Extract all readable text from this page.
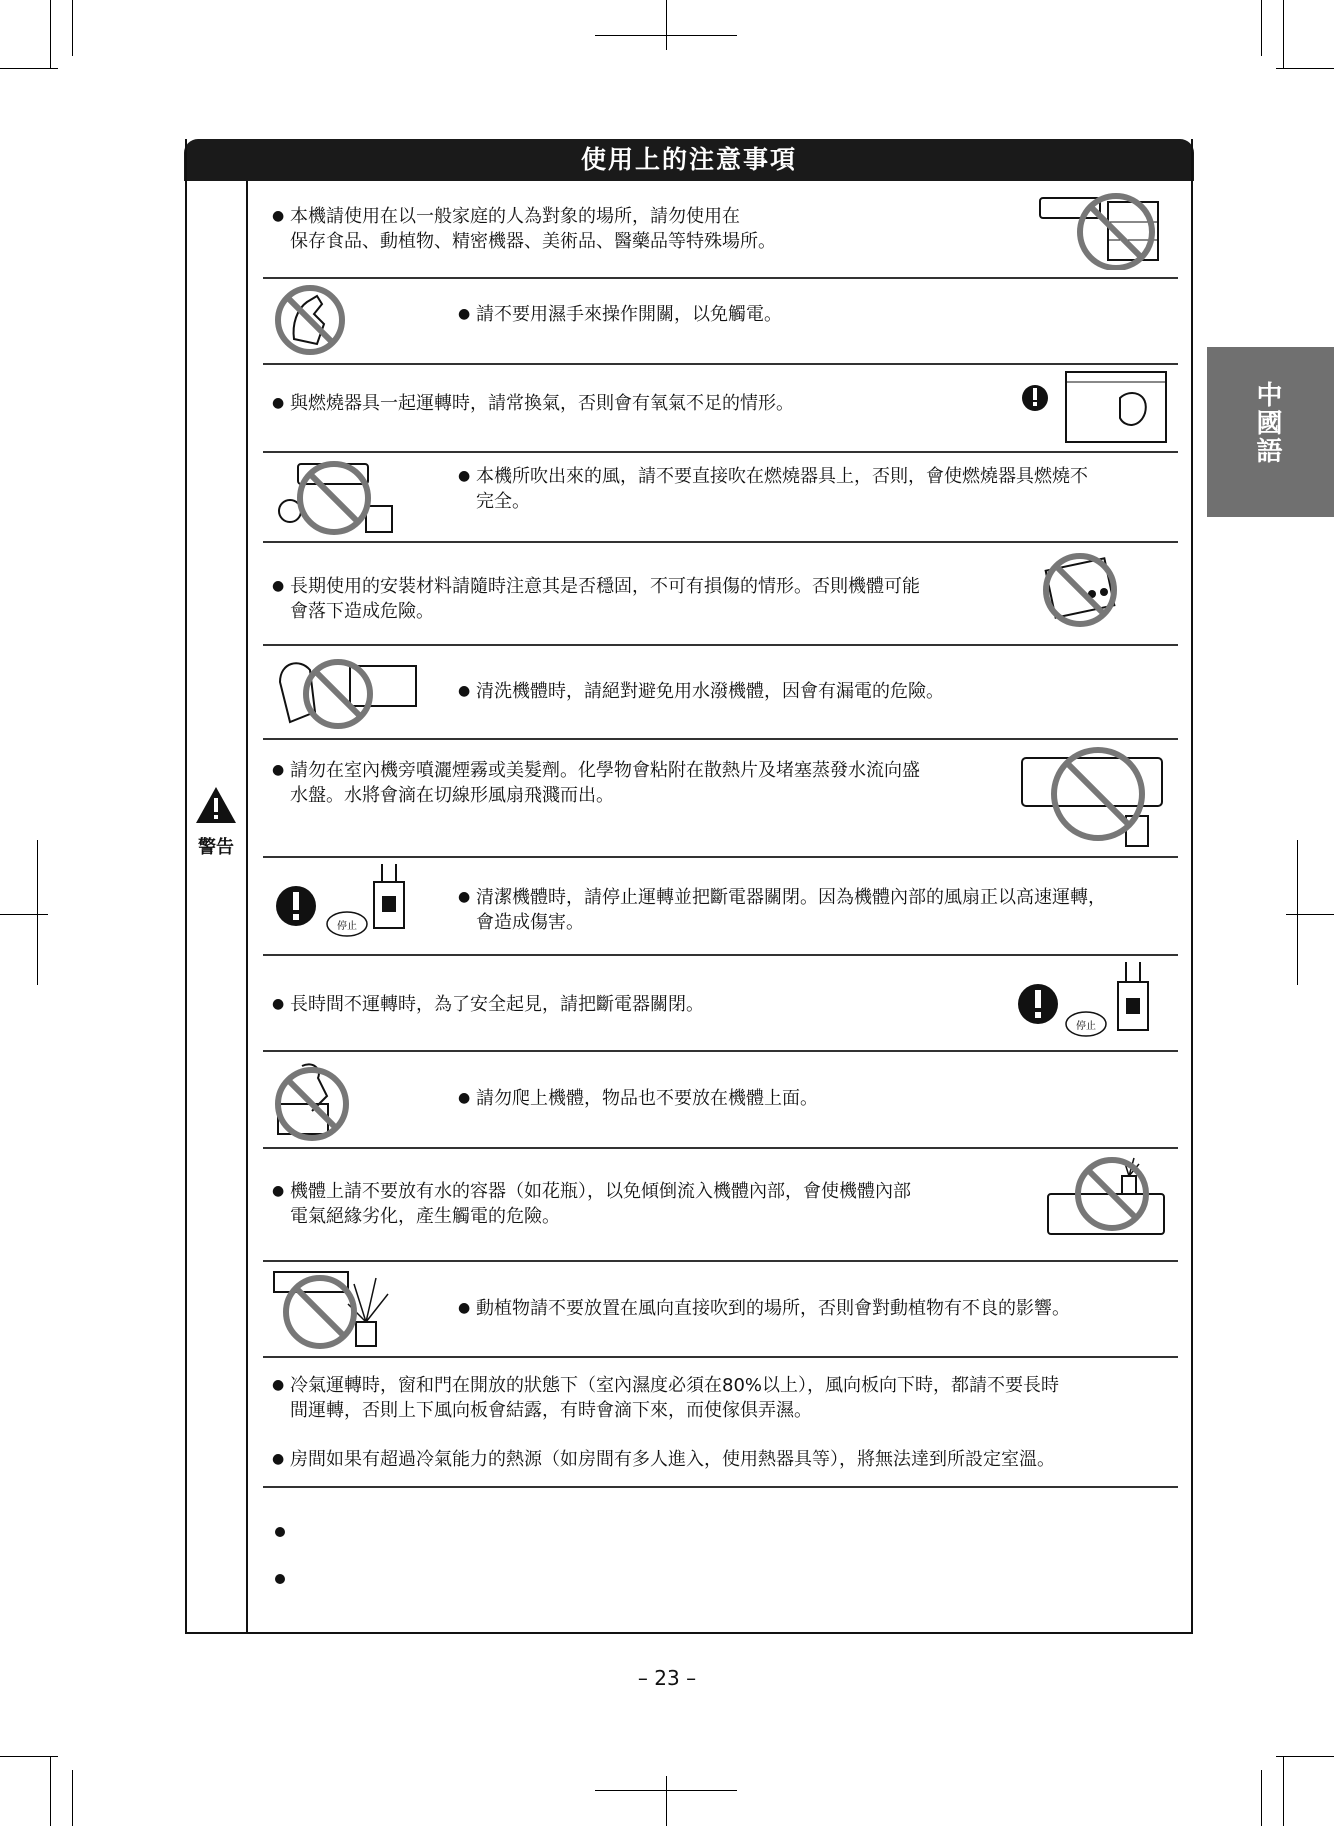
使用上的注意事項
警告
中國語
● 本機請使用在以一般家庭的人為對象的場所，請勿使用在
保存食品、動植物、精密機器、美術品、醫藥品等特殊場所。
● 請不要用濕手來操作開關，以免觸電。
● 與燃燒器具一起運轉時，請常換氣，否則會有氧氣不足的情形。
● 本機所吹出來的風，請不要直接吹在燃燒器具上，否則，會使燃燒器具燃燒不
完全。
● 長期使用的安裝材料請隨時注意其是否穩固，不可有損傷的情形。否則機體可能
會落下造成危險。
● 清洗機體時，請絕對避免用水潑機體，因會有漏電的危險。
● 請勿在室內機旁噴灑煙霧或美髮劑。化學物會粘附在散熱片及堵塞蒸發水流向盛
水盤。水將會滴在切線形風扇飛濺而出。
停止
● 清潔機體時，請停止運轉並把斷電器關閉。因為機體內部的風扇正以高速運轉，
會造成傷害。
● 長時間不運轉時，為了安全起見，請把斷電器關閉。
停止
● 請勿爬上機體，物品也不要放在機體上面。
● 機體上請不要放有水的容器（如花瓶），以免傾倒流入機體內部，會使機體內部
電氣絕緣劣化，產生觸電的危險。
● 動植物請不要放置在風向直接吹到的場所，否則會對動植物有不良的影響。
● 冷氣運轉時，窗和門在開放的狀態下（室內濕度必須在80%以上），風向板向下時，都請不要長時
間運轉，否則上下風向板會結露，有時會滴下來，而使傢俱弄濕。
● 房間如果有超過冷氣能力的熱源（如房間有多人進入，使用熱器具等），將無法達到所設定室溫。
– 23 –
